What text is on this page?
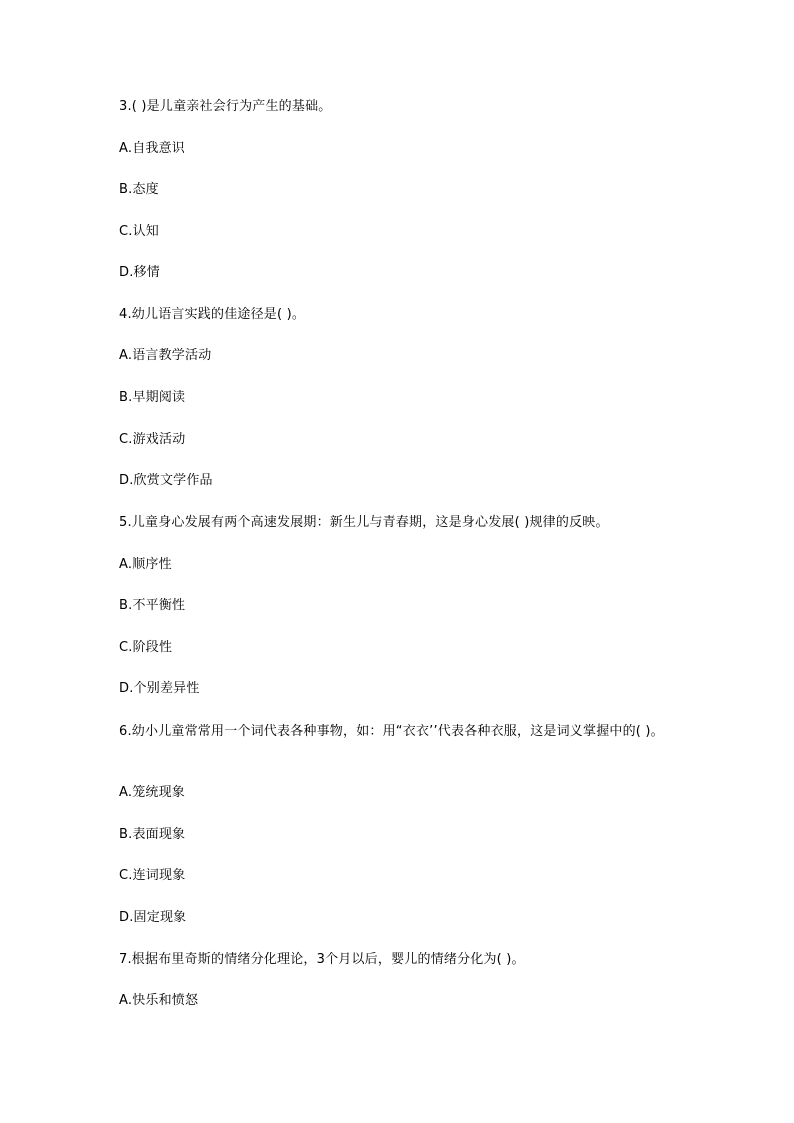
3.( )是儿童亲社会行为产生的基础。
A.自我意识
B.态度
C.认知
D.移情
4.幼儿语言实践的佳途径是( )。
A.语言教学活动
B.早期阅读
C.游戏活动
D.欣赏文学作品
5.儿童身心发展有两个高速发展期：新生儿与青春期，这是身心发展( )规律的反映。
A.顺序性
B.不平衡性
C.阶段性
D.个别差异性
6.幼小儿童常常用一个词代表各种事物，如：用“衣衣’’代表各种衣服，这是词义掌握中的( )。
A.笼统现象
B.表面现象
C.连词现象
D.固定现象
7.根据布里奇斯的情绪分化理论，3个月以后，婴儿的情绪分化为( )。
A.快乐和愤怒
